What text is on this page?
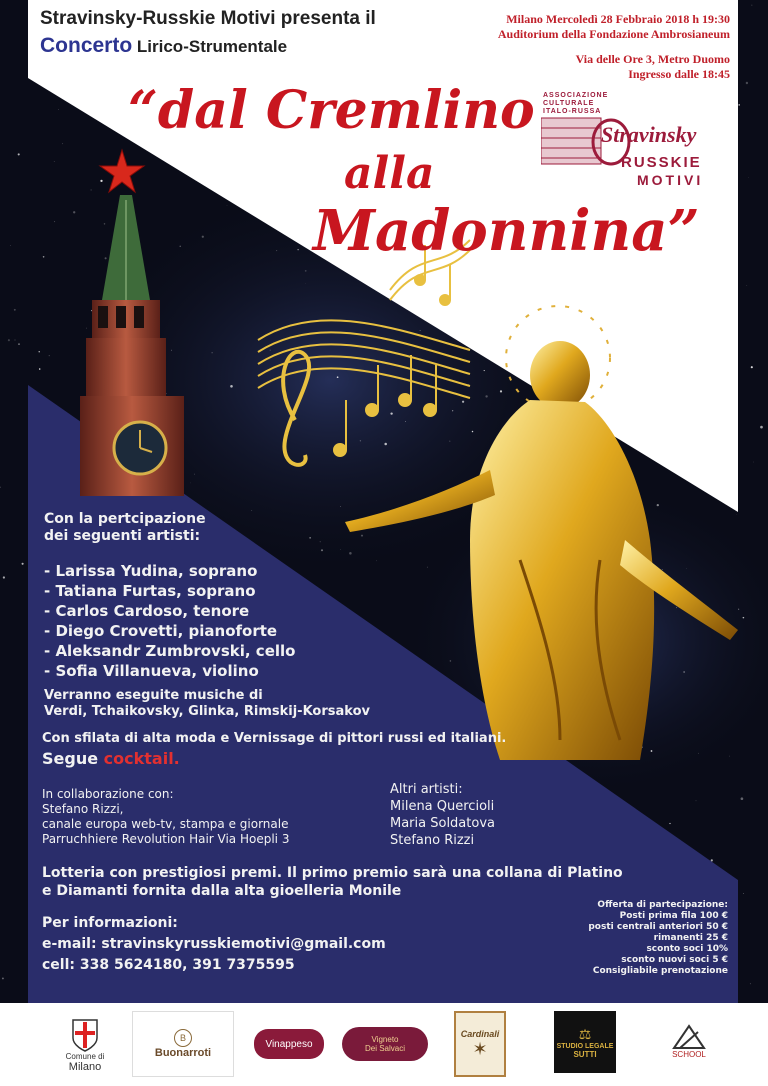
Stravinsky-Russkie Motivi presenta il

Concerto Lirico-Strumentale

Milano Mercoledì 28 Febbraio 2018 h 19:30
Auditorium della Fondazione Ambrosianeum
Via delle Ore 3, Metro Duomo
Ingresso dalle 18:45

“dal Cremlino

alla

Madonnina”

ASSOCIAZIONE
CULTURALE
ITALO-RUSSA
Stravinsky
RUSSKIE
MOTIVI
Con la pertcipazione
dei seguenti artisti:
- Larissa Yudina, soprano
- Tatiana Furtas, soprano
- Carlos Cardoso, tenore
- Diego Crovetti, pianoforte
- Aleksandr Zumbrovski, cello
- Sofia Villanueva, violino
Verranno eseguite musiche di
Verdi, Tchaikovsky, Glinka, Rimskij-Korsakov
Con sfilata di alta moda e Vernissage di pittori russi ed italiani.
Segue cocktail.
In collaborazione con:
Stefano Rizzi,
canale europa web-tv, stampa e giornale
Parruchhiere Revolution Hair Via Hoepli 3
Altri artisti:
Milena Quercioli
Maria Soldatova
Stefano Rizzi
Lotteria con prestigiosi premi. Il primo premio sarà una collana di Platino
e Diamanti fornita dalla alta gioelleria Monile
Per informazioni:
e-mail: stravinskyrusskiemotivi@gmail.com
cell: 338 5624180, 391 7375595
Offerta di partecipazione:
Posti prima fila 100 €
posti centrali anteriori 50 €
rimanenti 25 €
sconto soci 10%
sconto nuovi soci 5 €
Consigliabile prenotazione
Comune di
Milano
B
Buonarroti
Vinappeso	Vigneto
Dei Salvaci
Cardinali
✶
⚖
STUDIO LEGALE
SUTTI	SCHOOL
